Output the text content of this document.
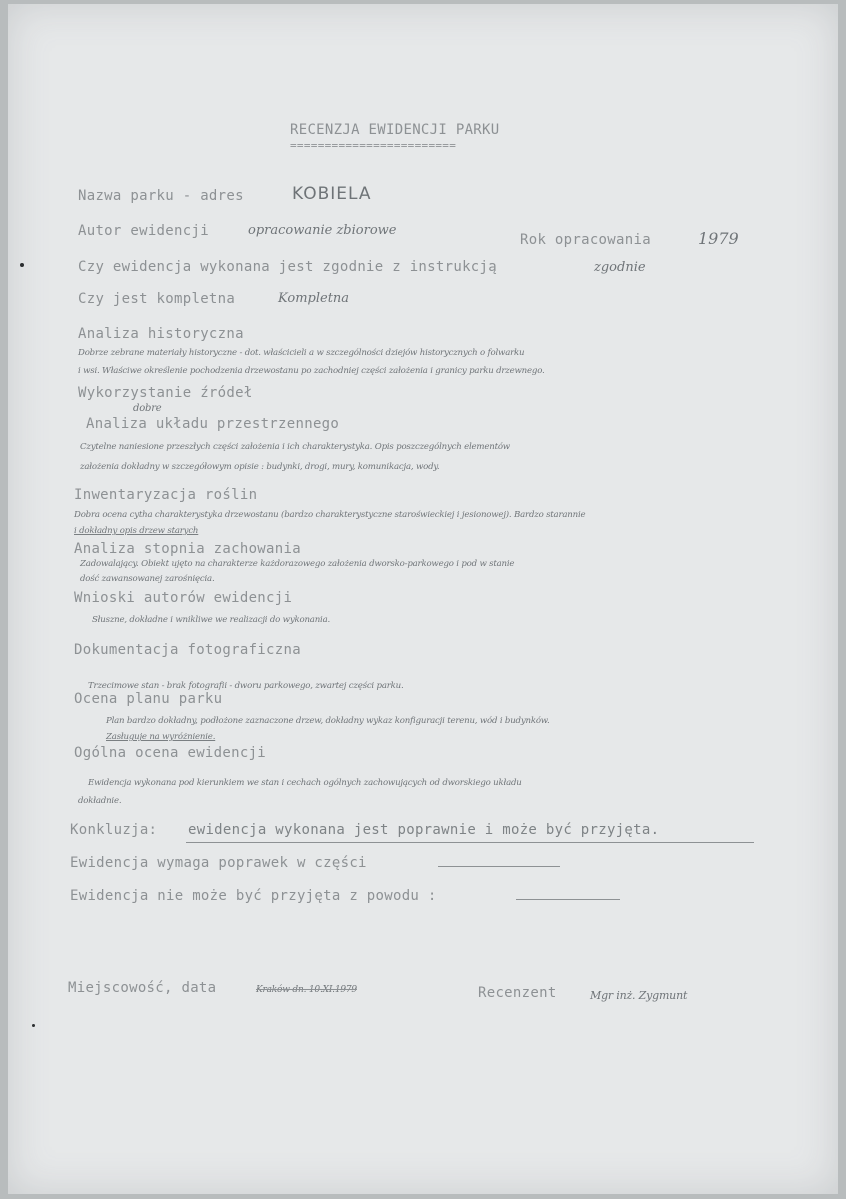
RECENZJA EWIDENCJI PARKU
========================
Nazwa parku - adres	KOBIELA
Autor ewidencji	opracowanie zbiorowe
Rok opracowania	1979
Czy ewidencja wykonana jest zgodnie z instrukcją	zgodnie
Czy jest kompletna	Kompletna
Analiza historyczna
Dobrze zebrane materiały historyczne - dot. właścicieli a w szczególności dziejów historycznych o folwarku
i wsi. Właściwe określenie pochodzenia drzewostanu po zachodniej części założenia i granicy parku drzewnego.
Wykorzystanie źródeł
dobre
Analiza układu przestrzennego
Czytelne naniesione przeszłych części założenia i ich charakterystyka. Opis poszczególnych elementów
założenia dokładny w szczegółowym opisie : budynki, drogi, mury, komunikacja, wody.
Inwentaryzacja roślin
Dobra ocena cytha charakterystyka drzewostanu (bardzo charakterystyczne staroświeckiej i jesionowej). Bardzo starannie
i dokładny opis drzew starych
Analiza stopnia zachowania
Zadowalający. Obiekt ujęto na charakterze każdorazowego założenia dworsko-parkowego i pod w stanie
dość zawansowanej zarośnięcia.
Wnioski autorów ewidencji
Słuszne, dokładne i wnikliwe we realizacji do wykonania.
Dokumentacja fotograficzna
Trzecimowe stan - brak fotografii - dworu parkowego, zwartej części parku.
Ocena planu parku
Plan bardzo dokładny, podłożone zaznaczone drzew, dokładny wykaz konfiguracji terenu, wód i budynków.
Zasługuje na wyróżnienie.
Ogólna ocena ewidencji
Ewidencja wykonana pod kierunkiem we stan i cechach ogólnych zachowujących od dworskiego układu
dokładnie.
Konkluzja: ewidencja wykonana jest poprawnie i może być przyjęta.
Ewidencja wymaga poprawek w części
Ewidencja nie może być przyjęta z powodu :
Miejscowość, data	Kraków dn. 10.XI.1979	Recenzent	Mgr inż. Zygmunt
